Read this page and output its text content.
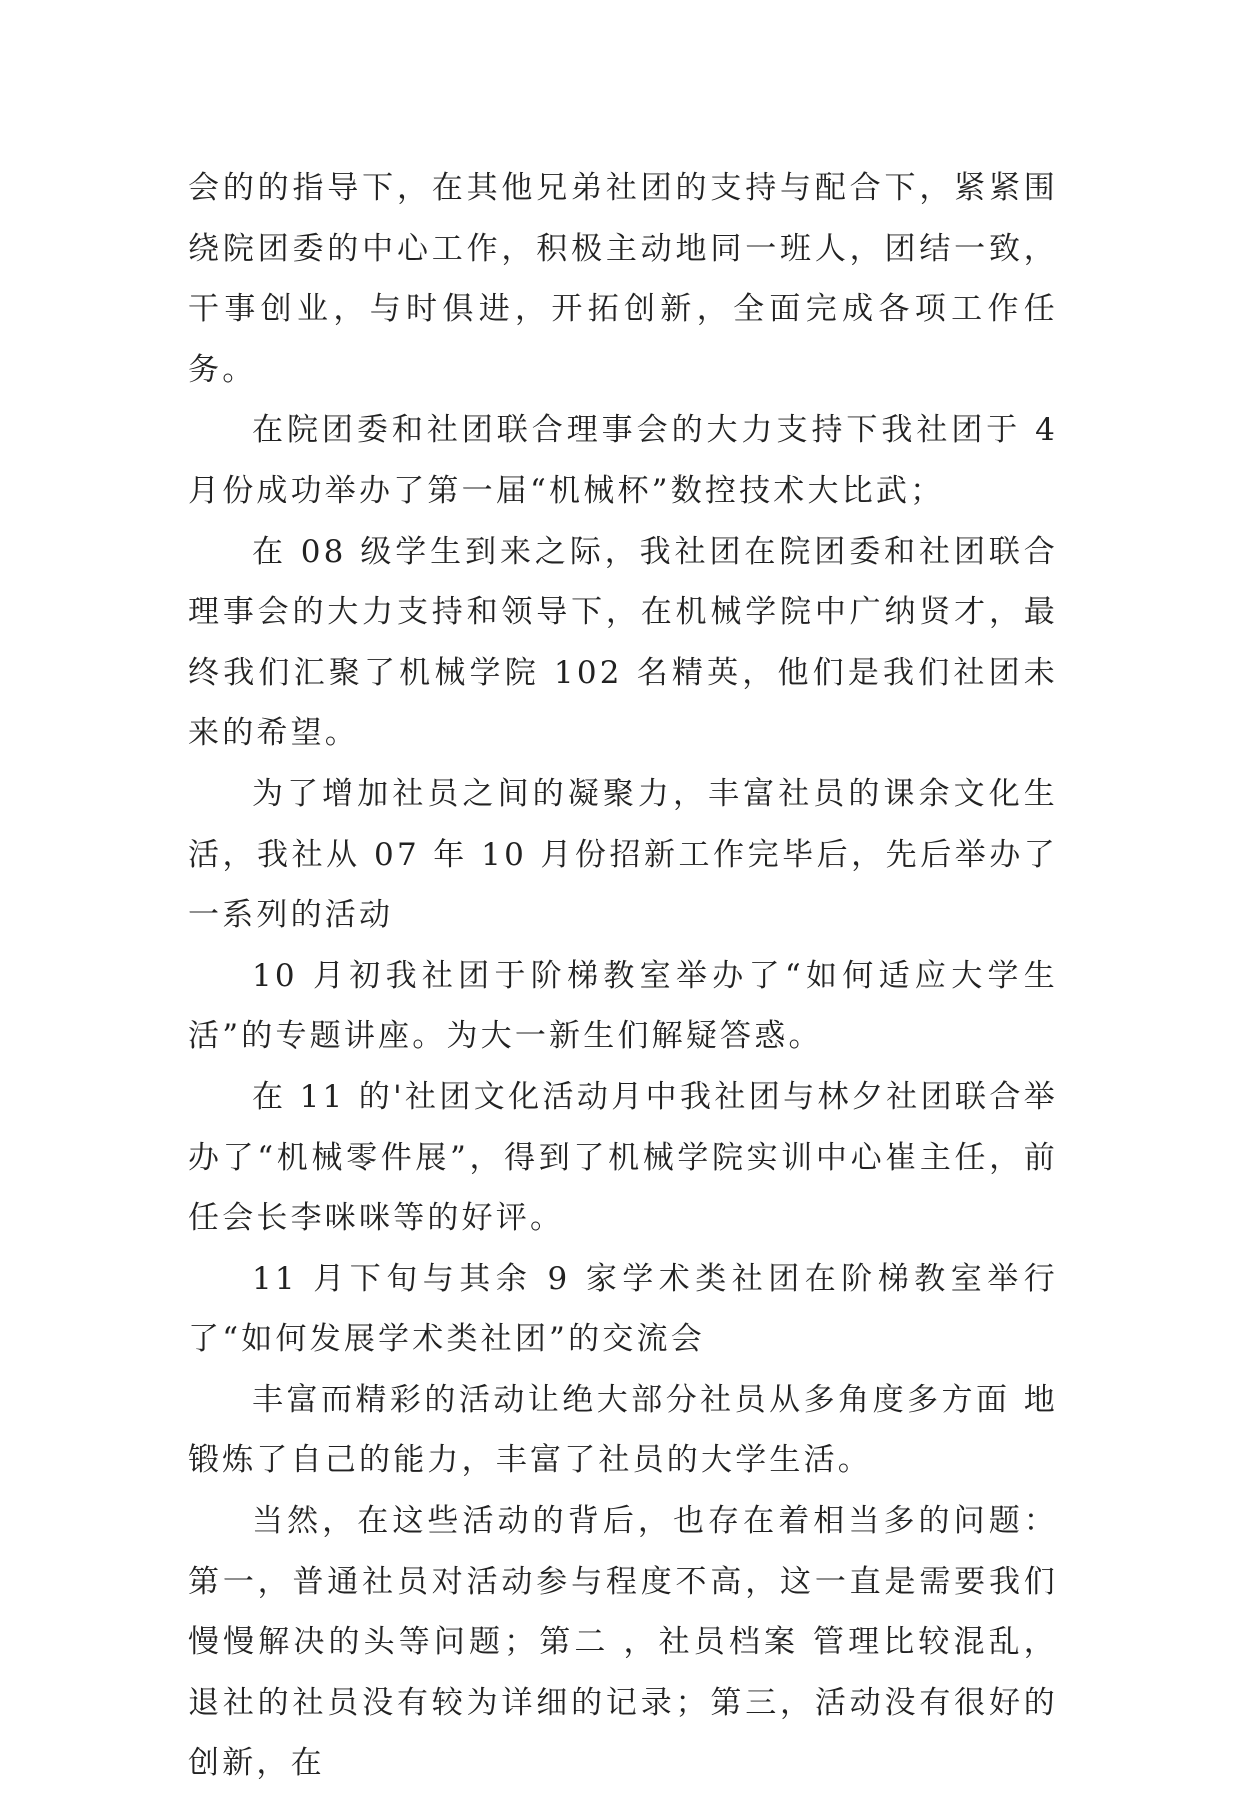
会的的指导下，在其他兄弟社团的支持与配合下，紧紧围绕院团委的中心工作，积极主动地同一班人，团结一致，干事创业，与时俱进，开拓创新，全面完成各项工作任务。

在院团委和社团联合理事会的大力支持下我社团于 4 月份成功举办了第一届“机械杯”数控技术大比武；

在 08 级学生到来之际，我社团在院团委和社团联合理事会的大力支持和领导下，在机械学院中广纳贤才，最终我们汇聚了机械学院 102 名精英，他们是我们社团未来的希望。

为了增加社员之间的凝聚力，丰富社员的课余文化生活，我社从 07 年 10 月份招新工作完毕后，先后举办了一系列的活动

10 月初我社团于阶梯教室举办了“如何适应大学生活”的专题讲座。为大一新生们解疑答惑。

在 11 的'社团文化活动月中我社团与林夕社团联合举办了“机械零件展”，得到了机械学院实训中心崔主任，前任会长李咪咪等的好评。

11 月下旬与其余 9 家学术类社团在阶梯教室举行了“如何发展学术类社团”的交流会

丰富而精彩的活动让绝大部分社员从多角度多方面 地锻炼了自己的能力，丰富了社员的大学生活。

当然，在这些活动的背后，也存在着相当多的问题：第一，普通社员对活动参与程度不高，这一直是需要我们慢慢解决的头等问题；第二 ，社员档案 管理比较混乱， 退社的社员没有较为详细的记录；第三，活动没有很好的创新，在
